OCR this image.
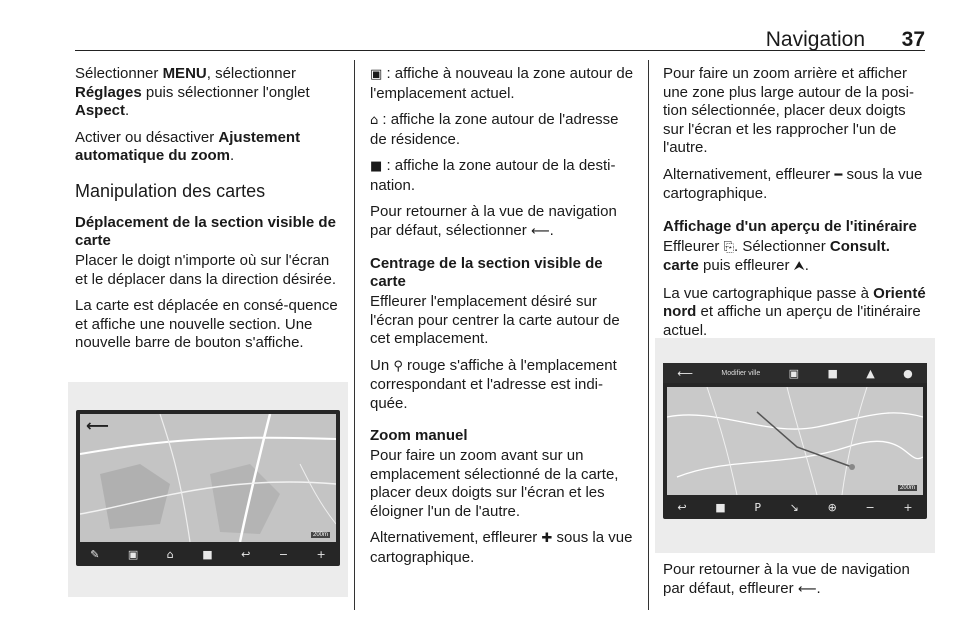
Navigation 37

Sélectionner MENU, sélectionner
Réglages puis sélectionner l'onglet
Aspect.

Activer ou désactiver Ajustement automatique du zoom.

Manipulation des cartes
Déplacement de la section visible de carte

Placer le doigt n'importe où sur l'écran et le déplacer dans la direction désirée.

La carte est déplacée en consé-quence et affiche une nouvelle section. Une nouvelle barre de bouton s'affiche.

⟵
200m
✎	▣	⌂	■	↩	−	+

▣ : affiche à nouveau la zone autour de l'emplacement actuel.

⌂ : affiche la zone autour de l'adresse de résidence.

■ : affiche la zone autour de la desti-nation.

Pour retourner à la vue de navigation par défaut, sélectionner ⟵.

Centrage de la section visible de carte

Effleurer l'emplacement désiré sur l'écran pour centrer la carte autour de cet emplacement.

Un ⚲ rouge s'affiche à l'emplacement correspondant et l'adresse est indi-quée.

Zoom manuel

Pour faire un zoom avant sur un emplacement sélectionné de la carte, placer deux doigts sur l'écran et les éloigner l'un de l'autre.

Alternativement, effleurer ✚ sous la vue cartographique.

Pour faire un zoom arrière et afficher une zone plus large autour de la posi-tion sélectionnée, placer deux doigts sur l'écran et les rapprocher l'un de l'autre.

Alternativement, effleurer ━ sous la vue cartographique.

Affichage d'un aperçu de l'itinéraire

Effleurer ⎘. Sélectionner Consult. carte puis effleurer ⮝.

La vue cartographique passe à Orienté nord et affiche un aperçu de l'itinéraire actuel.

⟵	Modifier ville	▣	■	▲	●
200m
↩	■	P	↘	⊕	−	+

Pour retourner à la vue de navigation par défaut, effleurer ⟵.
